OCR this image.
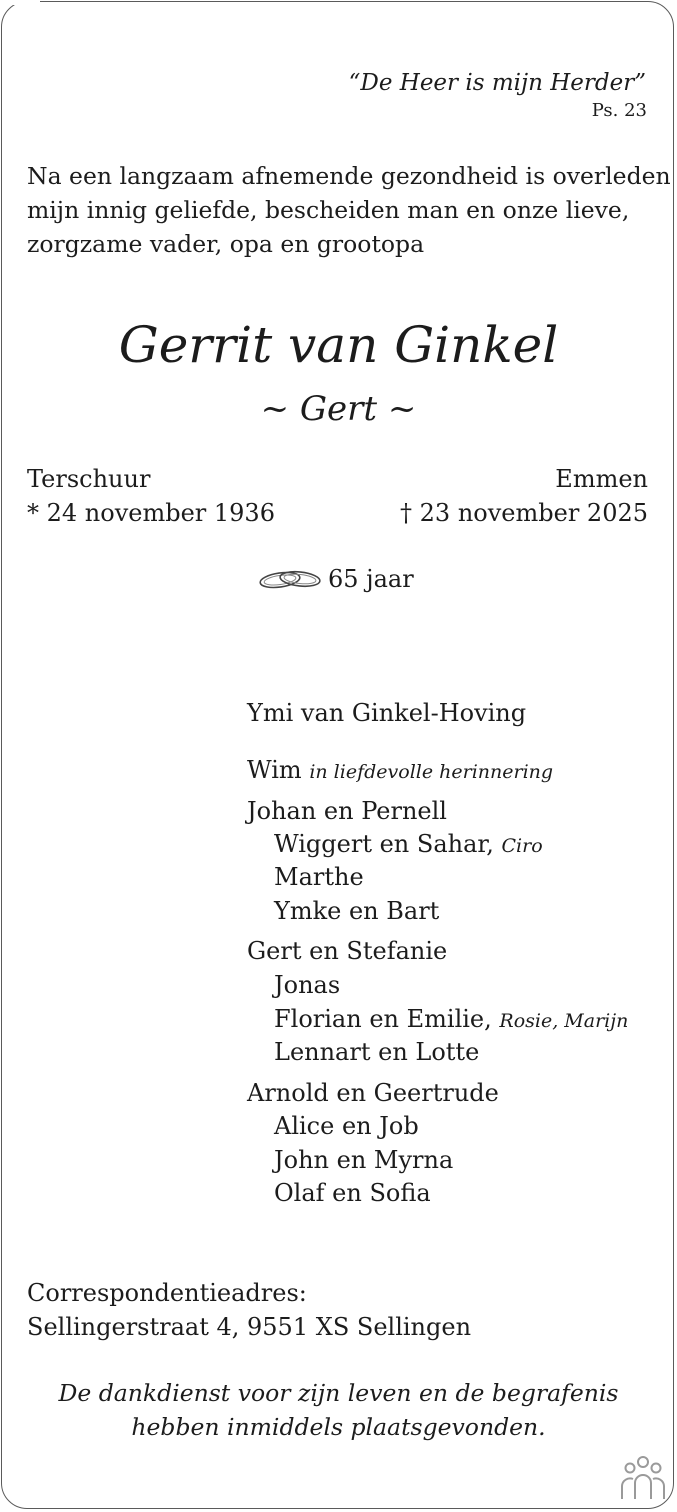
“De Heer is mijn Herder”
Ps. 23
Na een langzaam afnemende gezondheid is overleden
mijn innig geliefde, bescheiden man en onze lieve,
zorgzame vader, opa en grootopa
Gerrit van Ginkel
~ Gert ~
Terschuur
* 24 november 1936
Emmen
† 23 november 2025
65 jaar
Ymi van Ginkel-Hoving
Wim in liefdevolle herinnering
Johan en Pernell
Wiggert en Sahar, Ciro
Marthe
Ymke en Bart
Gert en Stefanie
Jonas
Florian en Emilie, Rosie, Marijn
Lennart en Lotte
Arnold en Geertrude
Alice en Job
John en Myrna
Olaf en Sofia
Correspondentieadres:
Sellingerstraat 4, 9551 XS Sellingen
De dankdienst voor zijn leven en de begrafenis
hebben inmiddels plaatsgevonden.
